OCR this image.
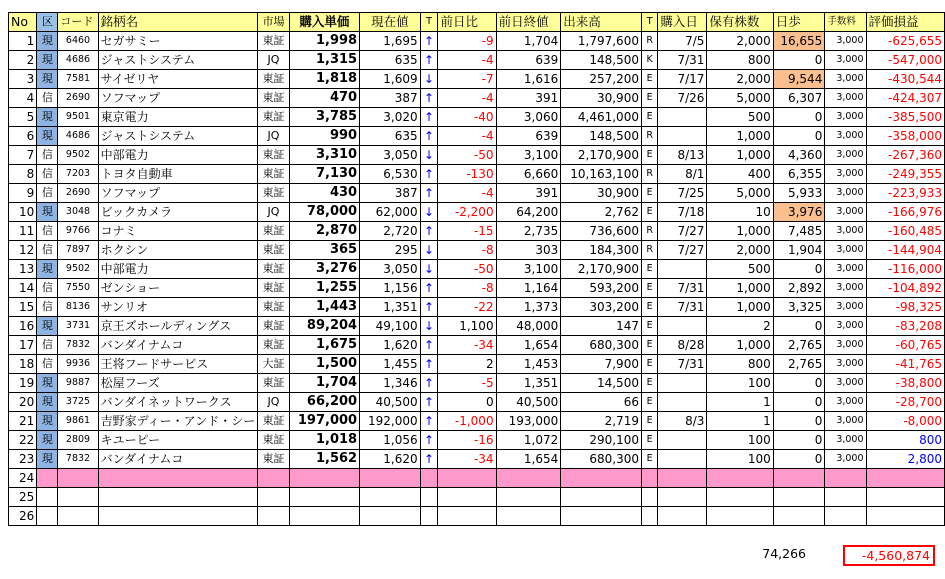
No	区	コード	銘柄名	市場	購入単価	現在値	T	前日比	前日終値	出来高	T	購入日	保有株数	日歩	手数料	評価損益
1	現	6460	セガサミー	東証	1,998	1,695	↑	-9	1,704	1,797,600	R	7/5	2,000	16,655	3,000	-625,655
2	現	4686	ジャストシステム	JQ	1,315	635	↑	-4	639	148,500	K	7/31	800	0	3,000	-547,000
3	現	7581	サイゼリヤ	東証	1,818	1,609	↓	-7	1,616	257,200	E	7/17	2,000	9,544	3,000	-430,544
4	信	2690	ソフマップ	東証	470	387	↑	-4	391	30,900	E	7/26	5,000	6,307	3,000	-424,307
5	現	9501	東京電力	東証	3,785	3,020	↑	-40	3,060	4,461,000	E		500	0	3,000	-385,500
6	現	4686	ジャストシステム	JQ	990	635	↑	-4	639	148,500	R		1,000	0	3,000	-358,000
7	信	9502	中部電力	東証	3,310	3,050	↓	-50	3,100	2,170,900	E	8/13	1,000	4,360	3,000	-267,360
8	信	7203	トヨタ自動車	東証	7,130	6,530	↑	-130	6,660	10,163,100	R	8/1	400	6,355	3,000	-249,355
9	信	2690	ソフマップ	東証	430	387	↑	-4	391	30,900	E	7/25	5,000	5,933	3,000	-223,933
10	現	3048	ビックカメラ	JQ	78,000	62,000	↓	-2,200	64,200	2,762	E	7/18	10	3,976	3,000	-166,976
11	信	9766	コナミ	東証	2,870	2,720	↑	-15	2,735	736,600	R	7/27	1,000	7,485	3,000	-160,485
12	信	7897	ホクシン	東証	365	295	↓	-8	303	184,300	R	7/27	2,000	1,904	3,000	-144,904
13	現	9502	中部電力	東証	3,276	3,050	↓	-50	3,100	2,170,900	E		500	0	3,000	-116,000
14	信	7550	ゼンショー	東証	1,255	1,156	↑	-8	1,164	593,200	E	7/31	1,000	2,892	3,000	-104,892
15	信	8136	サンリオ	東証	1,443	1,351	↑	-22	1,373	303,200	E	7/31	1,000	3,325	3,000	-98,325
16	現	3731	京王ズホールディングス	東証	89,204	49,100	↓	1,100	48,000	147	E		2	0	3,000	-83,208
17	信	7832	バンダイナムコ	東証	1,675	1,620	↑	-34	1,654	680,300	E	8/28	1,000	2,765	3,000	-60,765
18	信	9936	王将フードサービス	大証	1,500	1,455	↑	2	1,453	7,900	E	7/31	800	2,765	3,000	-41,765
19	現	9887	松屋フーズ	東証	1,704	1,346	↑	-5	1,351	14,500	E		100	0	3,000	-38,800
20	現	3725	バンダイネットワークス	JQ	66,200	40,500	↑	0	40,500	66	E		1	0	3,000	-28,700
21	現	9861	吉野家ディー・アンド・シー	東証	197,000	192,000	↑	-1,000	193,000	2,719	E	8/3	1	0	3,000	-8,000
22	現	2809	キユーピー	東証	1,018	1,056	↑	-16	1,072	290,100	E		100	0	3,000	800
23	現	7832	バンダイナムコ	東証	1,562	1,620	↑	-34	1,654	680,300	E		100	0	3,000	2,800
24																
25																
26																
74,266	-4,560,874
